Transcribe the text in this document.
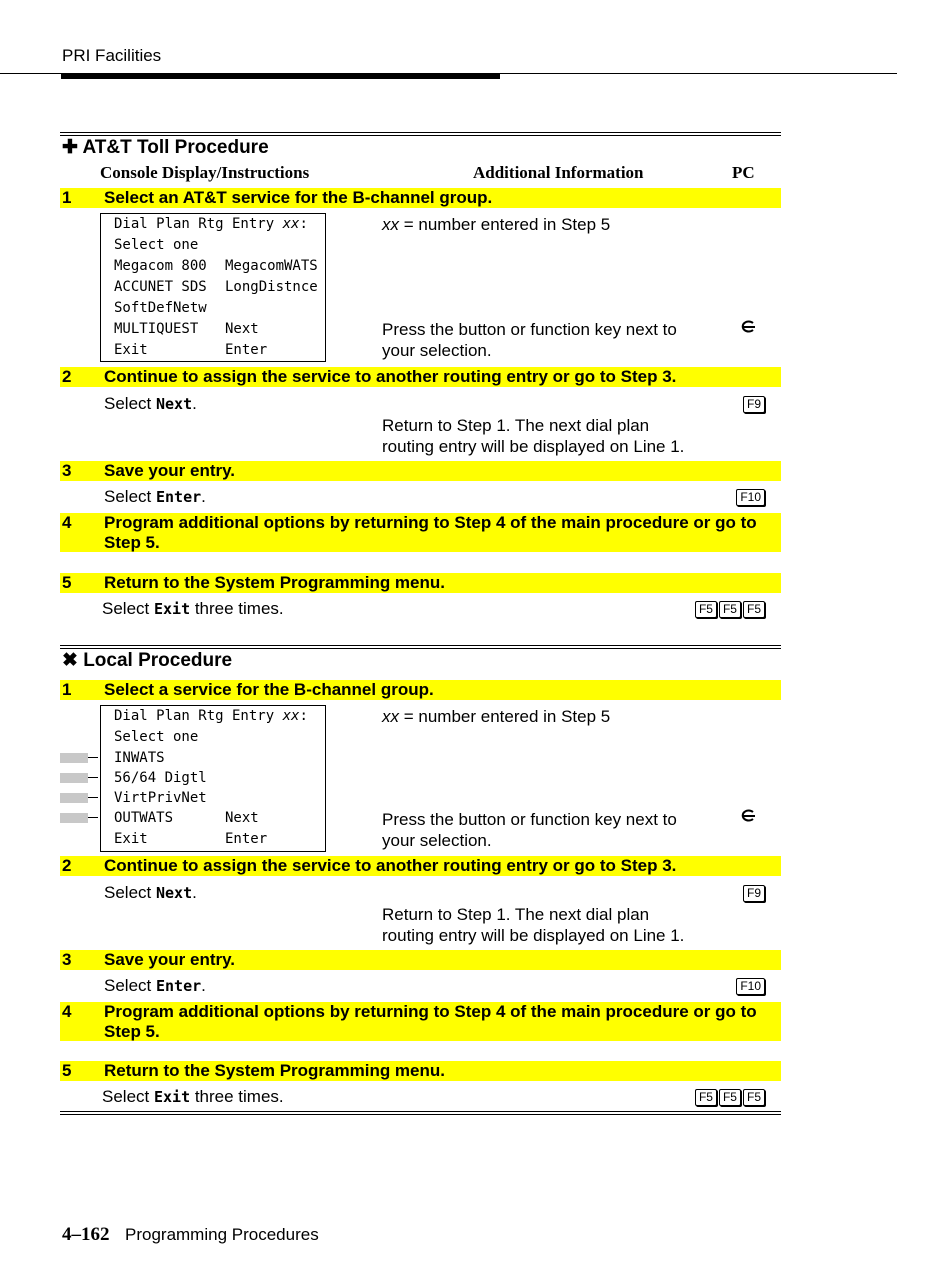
PRI Facilities
✚ AT&T Toll Procedure
Console Display/Instructions	Additional Information	PC
1 Select an AT&T service for the B-channel group.
Dial Plan Rtg Entry xx:
Select one
Megacom 800 MegacomWATS
ACCUNET SDS LongDistnce
SoftDefNetw
MULTIQUEST Next
Exit	Enter
xx = number entered in Step 5
Press the button or function key next to
your selection.
2 Continue to assign the service to another routing entry or go to Step 3.
Select Next.	F9
Return to Step 1. The next dial plan
routing entry will be displayed on Line 1.
3 Save your entry.
Select Enter.	F10
4 Program additional options by returning to Step 4 of the main procedure or go to Step 5.
5 Return to the System Programming menu.
Select Exit three times.	F5 F5 F5
✖ Local Procedure
1 Select a service for the B-channel group.
Dial Plan Rtg Entry xx:
Select one
INWATS
56/64 Digtl
VirtPrivNet
OUTWATS	Next
Exit	Enter
xx = number entered in Step 5
Press the button or function key next to
your selection.
2 Continue to assign the service to another routing entry or go to Step 3.
Select Next.	F9
Return to Step 1. The next dial plan
routing entry will be displayed on Line 1.
3 Save your entry.
Select Enter.	F10
4 Program additional options by returning to Step 4 of the main procedure or go to Step 5.
5 Return to the System Programming menu.
Select Exit three times.	F5 F5 F5
4–162 Programming Procedures
